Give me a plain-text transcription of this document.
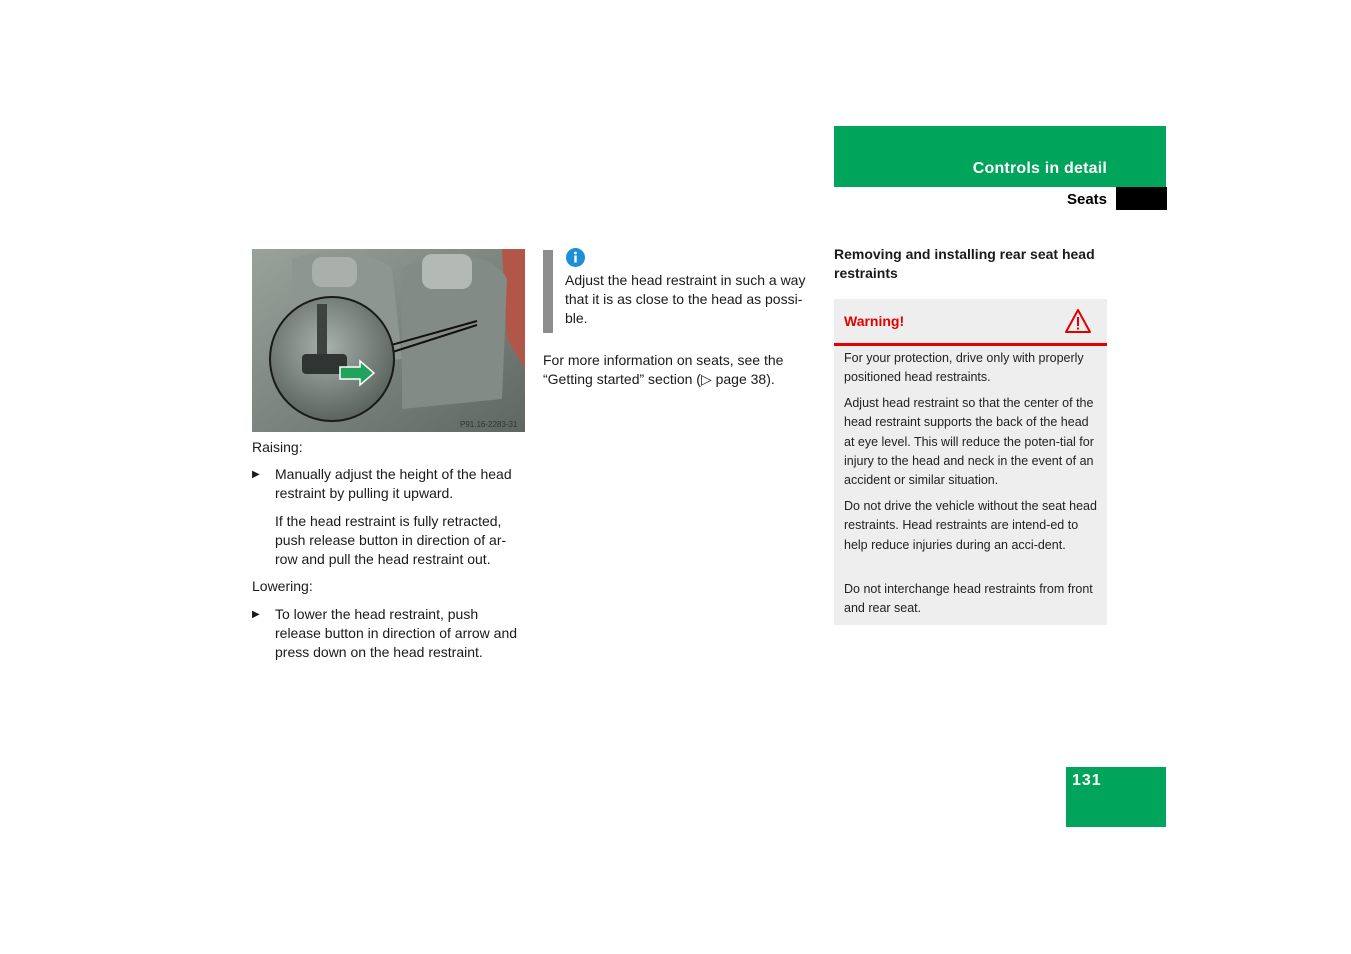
Controls in detail
Seats
P91.16-2283-31
Raising:
▶	Manually adjust the height of the head restraint by pulling it upward.
If the head restraint is fully retracted, push release button in direction of ar-row and pull the head restraint out.
Lowering:
▶	To lower the head restraint, push release button in direction of arrow and press down on the head restraint.
Adjust the head restraint in such a way that it is as close to the head as possi-ble.
For more information on seats, see the “Getting started” section (▷ page 38).
Removing and installing rear seat head restraints
Warning!
For your protection, drive only with properly positioned head restraints.
Adjust head restraint so that the center of the head restraint supports the back of the head at eye level. This will reduce the poten-tial for injury to the head and neck in the event of an accident or similar situation.
Do not drive the vehicle without the seat head restraints. Head restraints are intend-ed to help reduce injuries during an acci-dent.
Do not interchange head restraints from front and rear seat.
131
